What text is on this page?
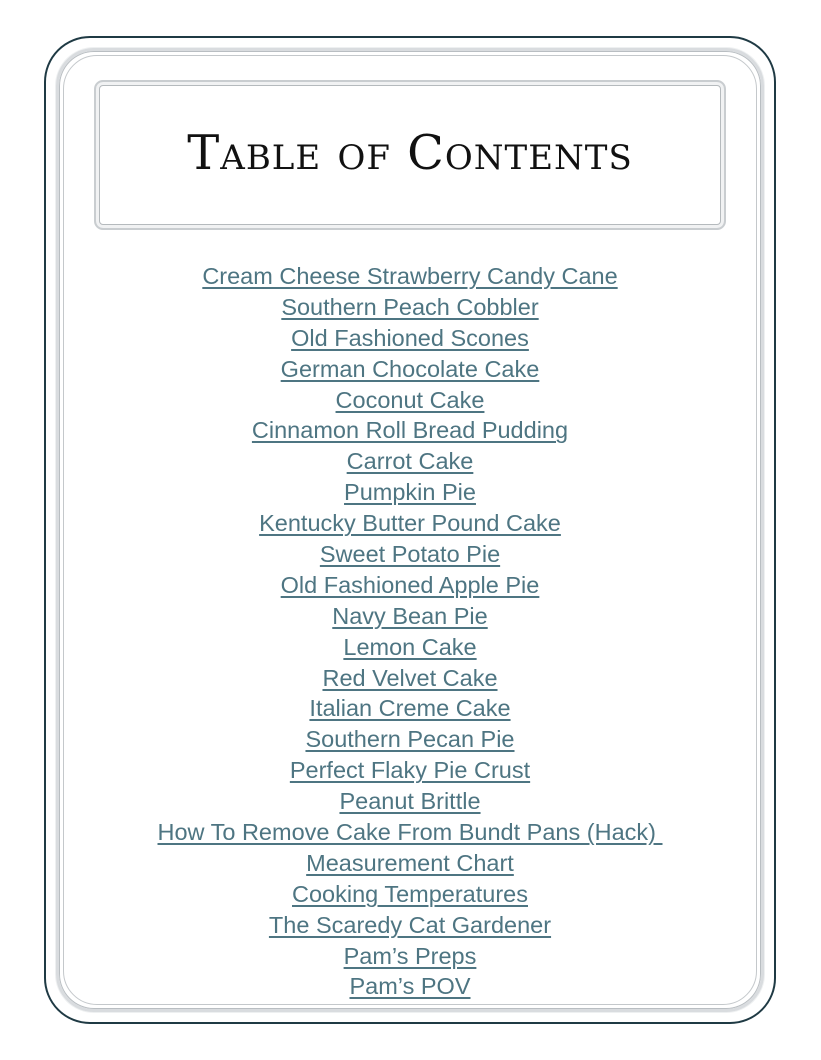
Table of Contents
Cream Cheese Strawberry Candy Cane
Southern Peach Cobbler
Old Fashioned Scones
German Chocolate Cake
Coconut Cake
Cinnamon Roll Bread Pudding
Carrot Cake
Pumpkin Pie
Kentucky Butter Pound Cake
Sweet Potato Pie
Old Fashioned Apple Pie
Navy Bean Pie
Lemon Cake
Red Velvet Cake
Italian Creme Cake
Southern Pecan Pie
Perfect Flaky Pie Crust
Peanut Brittle
How To Remove Cake From Bundt Pans (Hack)
Measurement Chart
Cooking Temperatures
The Scaredy Cat Gardener
Pam’s Preps
Pam’s POV
